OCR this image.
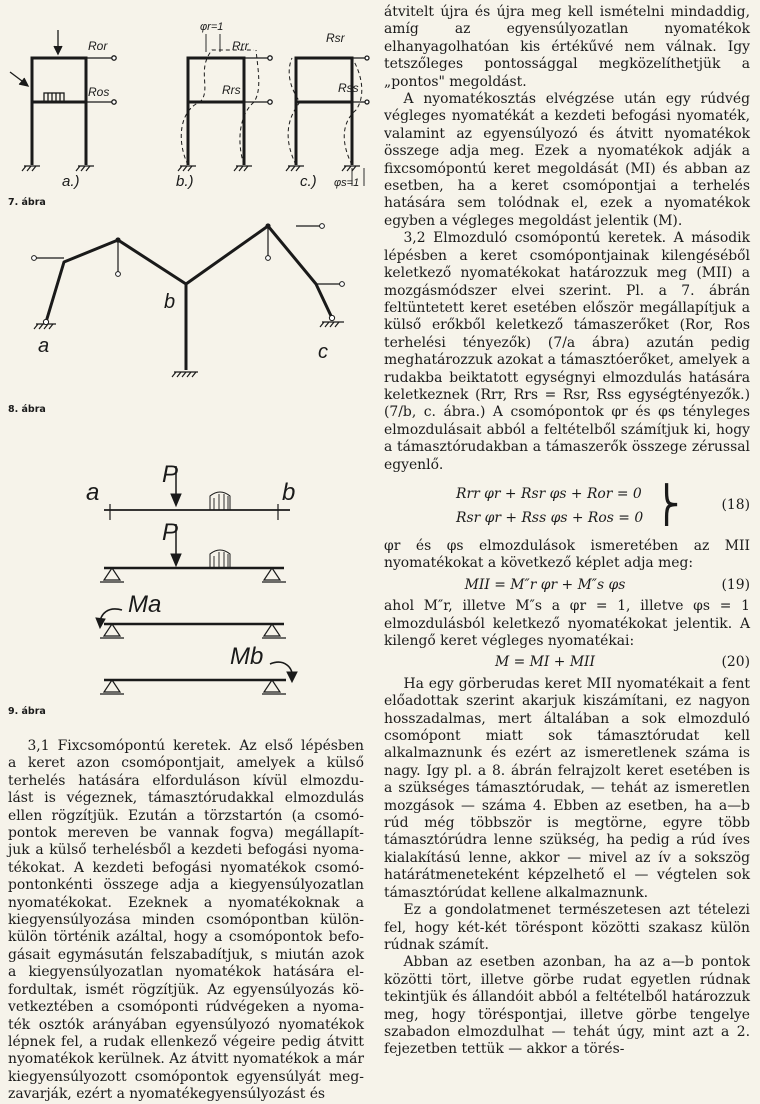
Ror
Ros
Rrr
Rrs
Rsr
Rss
φr=1
φs=1
a.)	b.)	c.)
a
b
c
a	b
P
P
Ma
Mb
7. ábra
8. ábra
9. ábra
3,1 Fixcsomópontú keretek. Az első lépésben
a keret azon csomópontjait, amelyek a külső
terhelés hatására elforduláson kívül elmozdu-
lást is végeznek, támasztórudakkal elmozdulás
ellen rögzítjük. Ezután a törzstartón (a csomó-
pontok mereven be vannak fogva) megállapít-
juk a külső terhelésből a kezdeti befogási nyoma-
tékokat. A kezdeti befogási nyomatékok csomó-
pontonkénti összege adja a kiegyensúlyozatlan
nyomatékokat. Ezeknek a nyomatékoknak a
kiegyensúlyozása minden csomópontban külön-
külön történik azáltal, hogy a csomópontok befo-
gásait egymásután felszabadítjuk, s miután azok
a kiegyensúlyozatlan nyomatékok hatására el-
fordultak, ismét rögzítjük. Az egyensúlyozás kö-
vetkeztében a csomóponti rúdvégeken a nyoma-
ték osztók arányában egyensúlyozó nyomatékok
lépnek fel, a rudak ellenkező végeire pedig átvitt
nyomatékok kerülnek. Az átvitt nyomatékok a már
kiegyensúlyozott csomópontok egyensúlyát meg-
zavarják, ezért a nyomatékegyensúlyozást és

átvitelt újra és újra meg kell ismételni mindaddig, amíg az egyensúlyozatlan nyomatékok elhanyagolhatóan kis értékűvé nem válnak. Igy tetszőleges pontossággal megközelíthetjük a „pontos" megoldást.

A nyomatékosztás elvégzése után egy rúdvég végleges nyomatékát a kezdeti befogási nyomaték, valamint az egyensúlyozó és átvitt nyomatékok összege adja meg. Ezek a nyomatékok adják a fixcsomópontú keret megoldását (MI) és abban az esetben, ha a keret csomópontjai a terhelés hatására sem tolódnak el, ezek a nyomatékok egyben a végleges megoldást jelentik (M).

3,2 Elmozduló csomópontú keretek. A második lépésben a keret csomópontjainak kilengéséből keletkező nyomatékokat határozzuk meg (MII) a mozgásmódszer elvei szerint. Pl. a 7. ábrán feltüntetett keret esetében először megállapítjuk a külső erőkből keletkező támaszerőket (Ror, Ros terhelési tényezők) (7/a ábra) azután pedig meghatározzuk azokat a támasztóerőket, amelyek a rudakba beiktatott egységnyi elmozdulás hatására keletkeznek (Rrr, Rrs = Rsr, Rss egységtényezők.) (7/b, c. ábra.) A csomópontok φr és φs tényleges elmozdulásait abból a feltételből számítjuk ki, hogy a támasztórudakban a támaszerők összege zérussal egyenlő.

Rrr φr + Rsr φs + Ror = 0
Rsr φr + Rss φs + Ros = 0 ⎬	(18)

φr és φs elmozdulások ismeretében az MII nyomatékokat a következő képlet adja meg:

MII = M″r φr + M″s φs	(19)

ahol M″r, illetve M″s a φr = 1, illetve φs = 1 elmozdulásból keletkező nyomatékokat jelentik. A kilengő keret végleges nyomatékai:

M = MI + MII	(20)

Ha egy görberudas keret MII nyomatékait a fent előadottak szerint akarjuk kiszámítani, ez nagyon hosszadalmas, mert általában a sok elmozduló csomópont miatt sok támasztórudat kell alkalmaznunk és ezért az ismeretlenek száma is nagy. Igy pl. a 8. ábrán felrajzolt keret esetében is a szükséges támasztórudak, — tehát az ismeretlen mozgások — száma 4. Ebben az esetben, ha a—b rúd még többször is megtörne, egyre több támasztórúdra lenne szükség, ha pedig a rúd íves kialakítású lenne, akkor — mivel az ív a sokszög határátmeneteként képzelhető el — végtelen sok támasztórúdat kellene alkalmaznunk.

Ez a gondolatmenet természetesen azt tételezi fel, hogy két-két töréspont közötti szakasz külön rúdnak számít.

Abban az esetben azonban, ha az a—b pontok közötti tört, illetve görbe rudat egyetlen rúdnak tekintjük és állandóit abból a feltételből határozzuk meg, hogy töréspontjai, illetve görbe tengelye szabadon elmozdulhat — tehát úgy, mint azt a 2. fejezetben tettük — akkor a törés-
